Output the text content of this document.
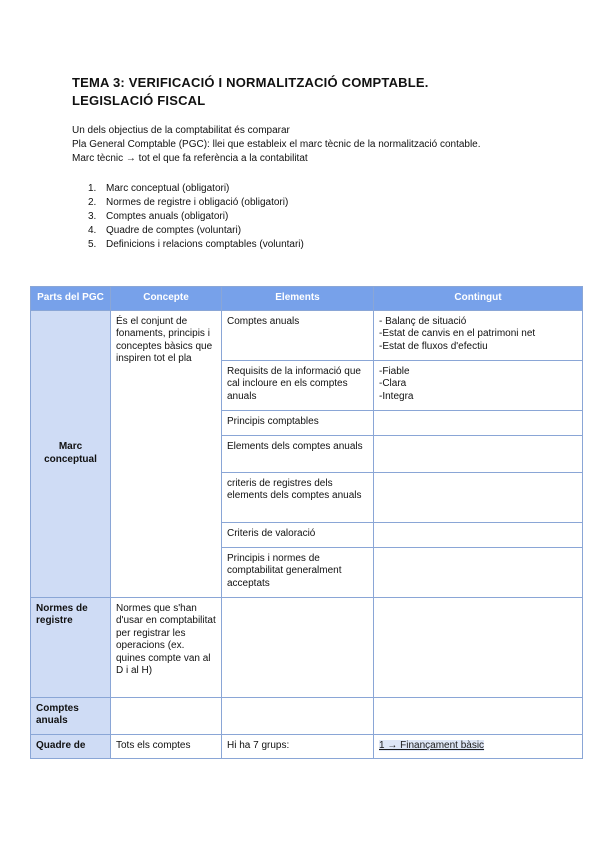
TEMA 3: VERIFICACIÓ I NORMALITZACIÓ COMPTABLE.
LEGISLACIÓ FISCAL
Un dels objectius de la comptabilitat és comparar
Pla General Comptable (PGC): llei que estableix el marc tècnic de la normalització contable.
Marc tècnic → tot el que fa referència a la contabilitat
1. Marc conceptual (obligatori)
2. Normes de registre i obligació (obligatori)
3. Comptes anuals (obligatori)
4. Quadre de comptes (voluntari)
5. Definicions i relacions comptables (voluntari)
Parts del PGC	Concepte	Elements	Contingut
Marc conceptual	És el conjunt de fonaments, principis i conceptes bàsics que inspiren tot el pla	Comptes anuals	- Balanç de situació
-Estat de canvis en el patrimoni net
-Estat de fluxos d'efectiu
		Requisits de la informació que cal incloure en els comptes anuals	-Fiable
-Clara
-Integra
		Principis comptables	
		Elements dels comptes anuals	
		criteris de registres dels elements dels comptes anuals	
		Criteris de valoració	
		Principis i normes de comptabilitat generalment acceptats	
Normes de registre	Normes que s'han d'usar en comptabilitat per registrar les operacions (ex. quines compte van al D i al H)		
Comptes anuals			
Quadre de	Tots els comptes	Hi ha 7 grups:	1 → Finançament bàsic
